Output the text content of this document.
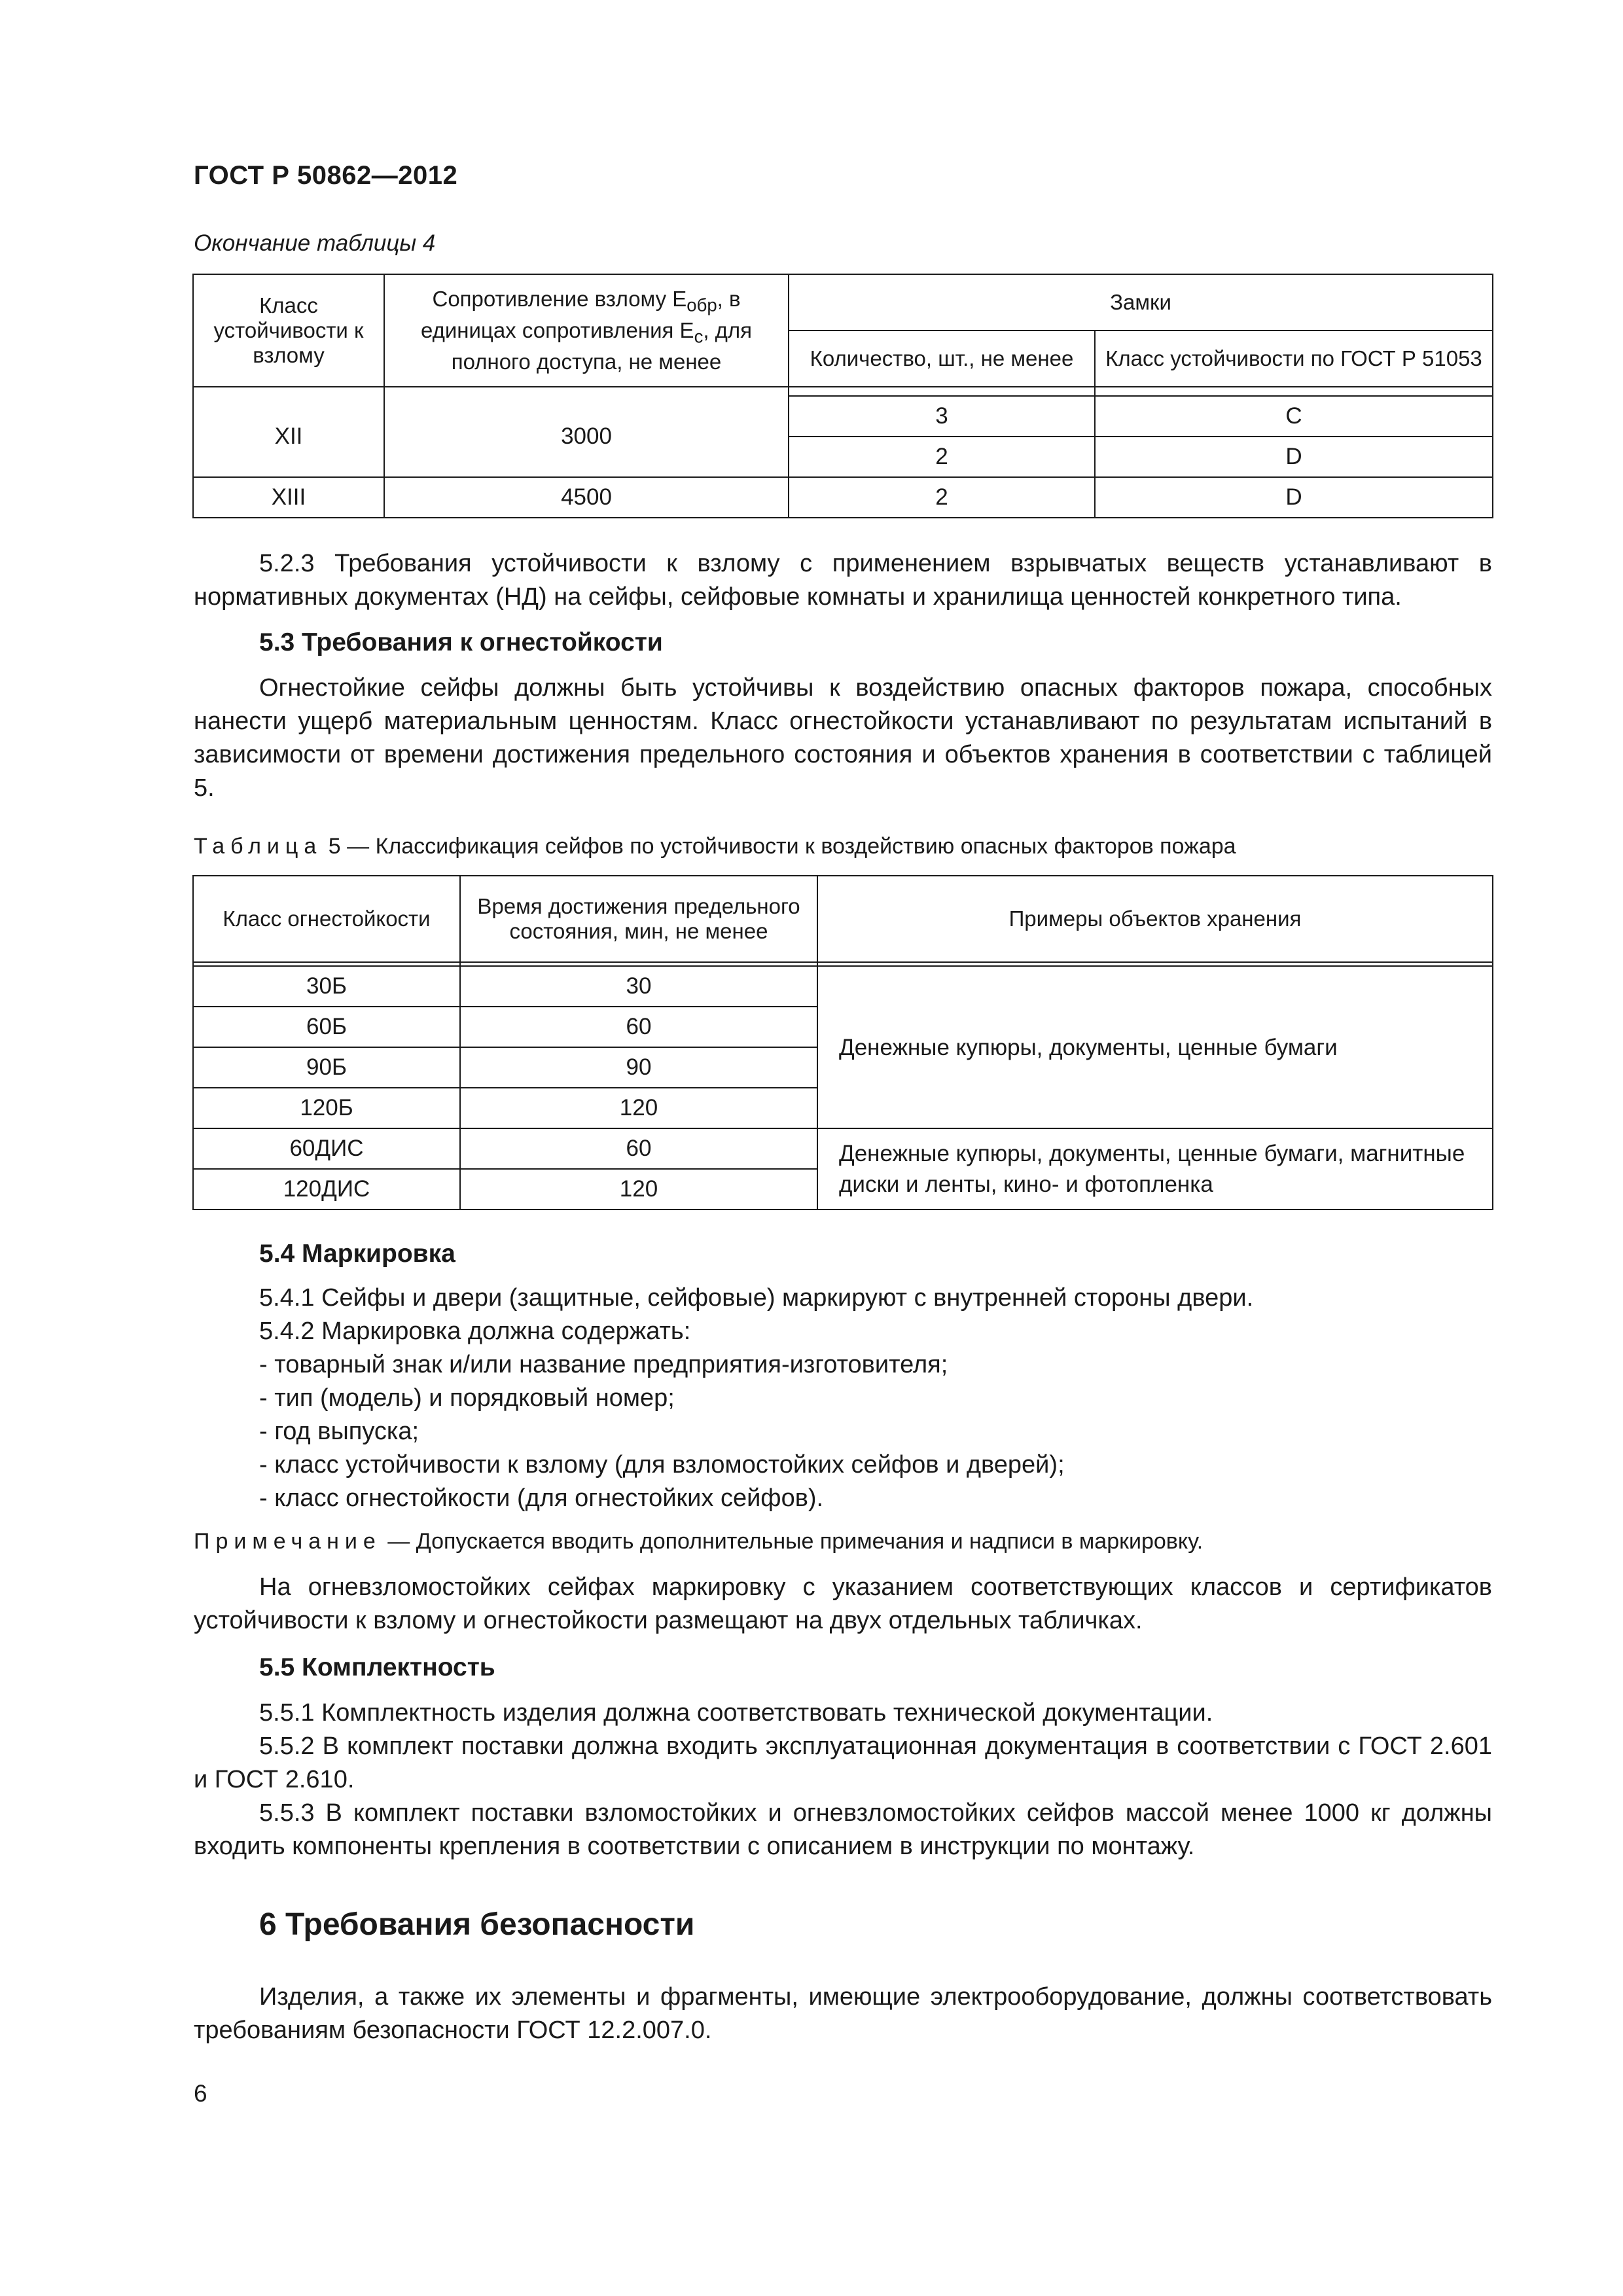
ГОСТ Р 50862—2012
Окончание таблицы 4
Класс устойчивости к взлому	Сопротивление взлому $E_{обр}$, в единицах сопротивления $E_c$, для полного доступа, не менее	Замки	
		Количество, шт., не менее	Класс устойчивости по ГОСТ Р 51053

XII	3000	3	C
		2	D
XIII	4500	2	D
5.2.3 Требования устойчивости к взлому с применением взрывчатых веществ устанавливают в нормативных документах (НД) на сейфы, сейфовые комнаты и хранилища ценностей конкретного типа.
5.3 Требования к огнестойкости
Огнестойкие сейфы должны быть устойчивы к воздействию опасных факторов пожара, способных нанести ущерб материальным ценностям. Класс огнестойкости устанавливают по результатам испытаний в зависимости от времени достижения предельного состояния и объектов хранения в соответствии с таблицей 5.
Таблица 5 — Классификация сейфов по устойчивости к воздействию опасных факторов пожара
Класс огнестойкости	Время достижения предельного состояния, мин, не менее	Примеры объектов хранения

30Б	30	Денежные купюры, документы, ценные бумаги
60Б	60	
90Б	90	
120Б	120	
60ДИС	60	Денежные купюры, документы, ценные бумаги, магнитные диски и ленты, кино- и фотопленка
120ДИС	120	
5.4 Маркировка
5.4.1 Сейфы и двери (защитные, сейфовые) маркируют с внутренней стороны двери.
5.4.2 Маркировка должна содержать:
- товарный знак и/или название предприятия-изготовителя;
- тип (модель) и порядковый номер;
- год выпуска;
- класс устойчивости к взлому (для взломостойких сейфов и дверей);
- класс огнестойкости (для огнестойких сейфов).
Примечание — Допускается вводить дополнительные примечания и надписи в маркировку.
На огневзломостойких сейфах маркировку с указанием соответствующих классов и сертификатов устойчивости к взлому и огнестойкости размещают на двух отдельных табличках.
5.5 Комплектность
5.5.1 Комплектность изделия должна соответствовать технической документации.
5.5.2 В комплект поставки должна входить эксплуатационная документация в соответствии с ГОСТ 2.601 и ГОСТ 2.610.
5.5.3 В комплект поставки взломостойких и огневзломостойких сейфов массой менее 1000 кг должны входить компоненты крепления в соответствии с описанием в инструкции по монтажу.
6 Требования безопасности
Изделия, а также их элементы и фрагменты, имеющие электрооборудование, должны соответствовать требованиям безопасности ГОСТ 12.2.007.0.
6
